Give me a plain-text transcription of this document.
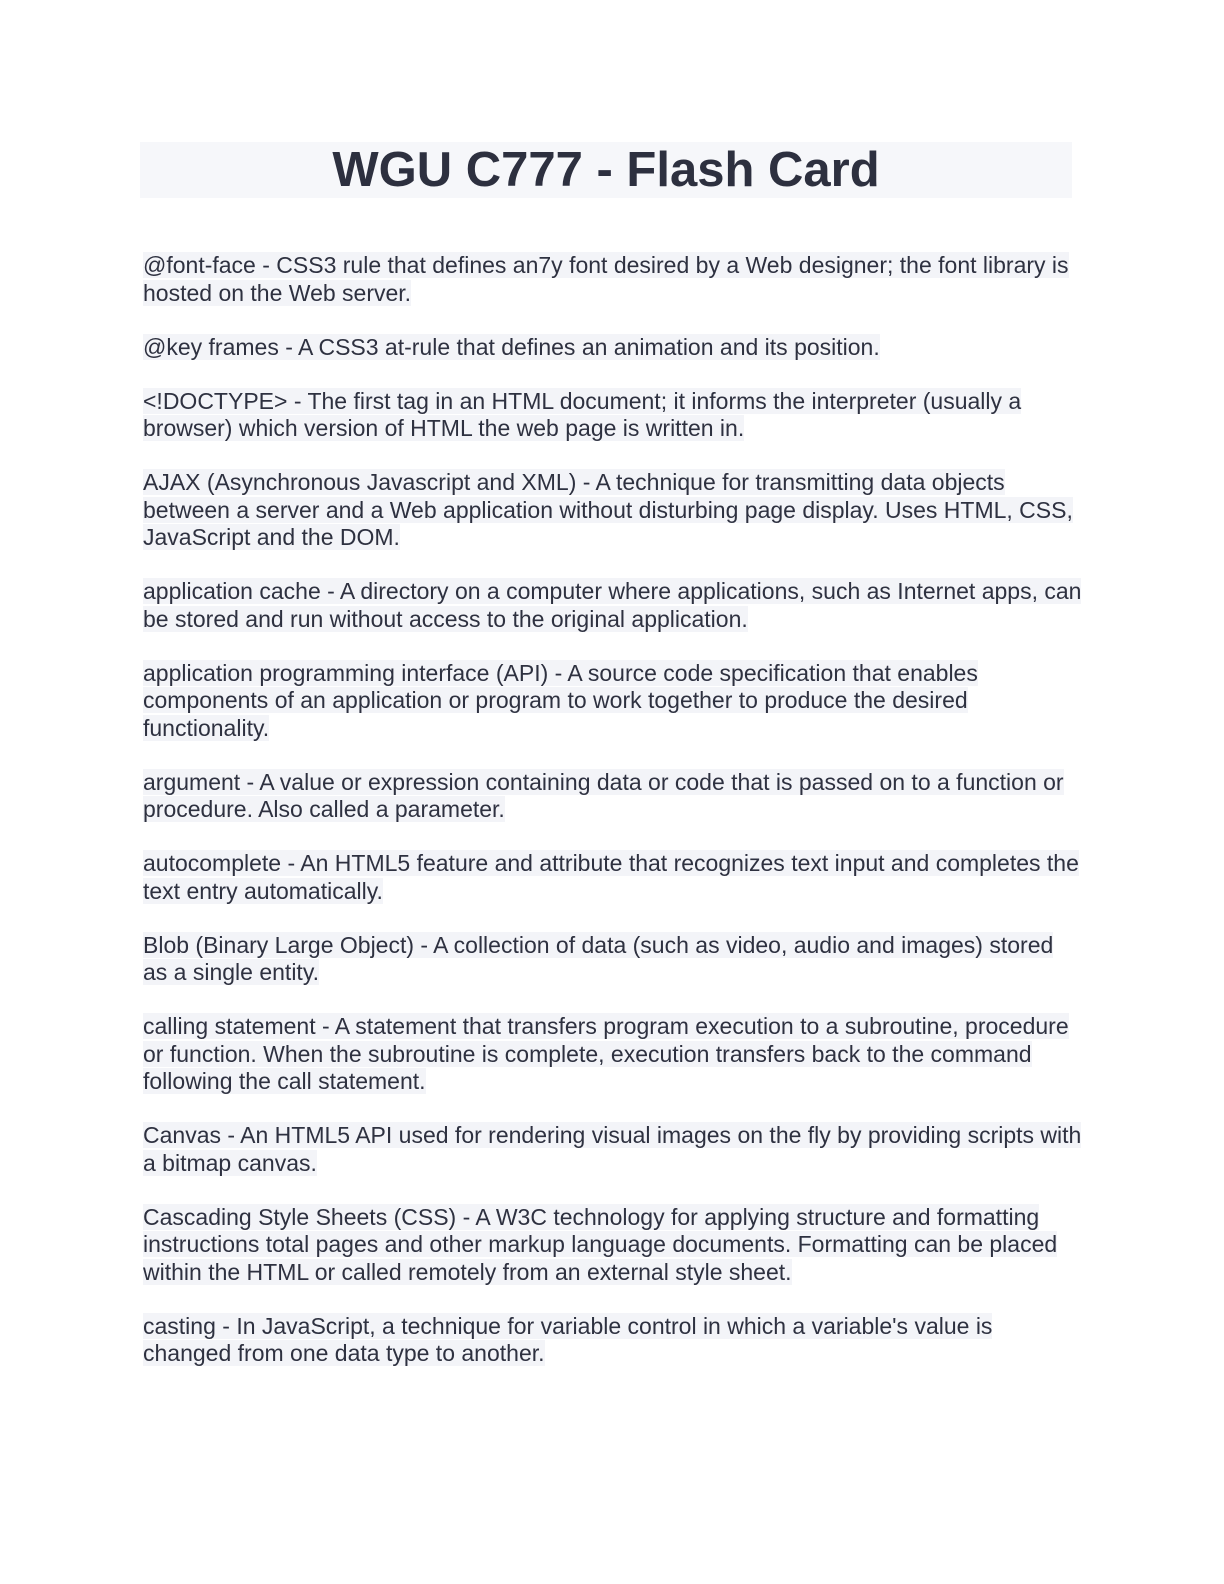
WGU C777 - Flash Card

@font-face - CSS3 rule that defines an7y font desired by a Web designer; the font library is hosted on the Web server.

@key frames - A CSS3 at-rule that defines an animation and its position.

<!DOCTYPE> - The first tag in an HTML document; it informs the interpreter (usually a browser) which version of HTML the web page is written in.

AJAX (Asynchronous Javascript and XML) - A technique for transmitting data objects between a server and a Web application without disturbing page display. Uses HTML, CSS, JavaScript and the DOM.

application cache - A directory on a computer where applications, such as Internet apps, can be stored and run without access to the original application.

application programming interface (API) - A source code specification that enables components of an application or program to work together to produce the desired functionality.

argument - A value or expression containing data or code that is passed on to a function or procedure. Also called a parameter.

autocomplete - An HTML5 feature and attribute that recognizes text input and completes the text entry automatically.

Blob (Binary Large Object) - A collection of data (such as video, audio and images) stored as a single entity.

calling statement - A statement that transfers program execution to a subroutine, procedure or function. When the subroutine is complete, execution transfers back to the command following the call statement.

Canvas - An HTML5 API used for rendering visual images on the fly by providing scripts with a bitmap canvas.

Cascading Style Sheets (CSS) - A W3C technology for applying structure and formatting instructions total pages and other markup language documents. Formatting can be placed within the HTML or called remotely from an external style sheet.

casting - In JavaScript, a technique for variable control in which a variable's value is changed from one data type to another.
